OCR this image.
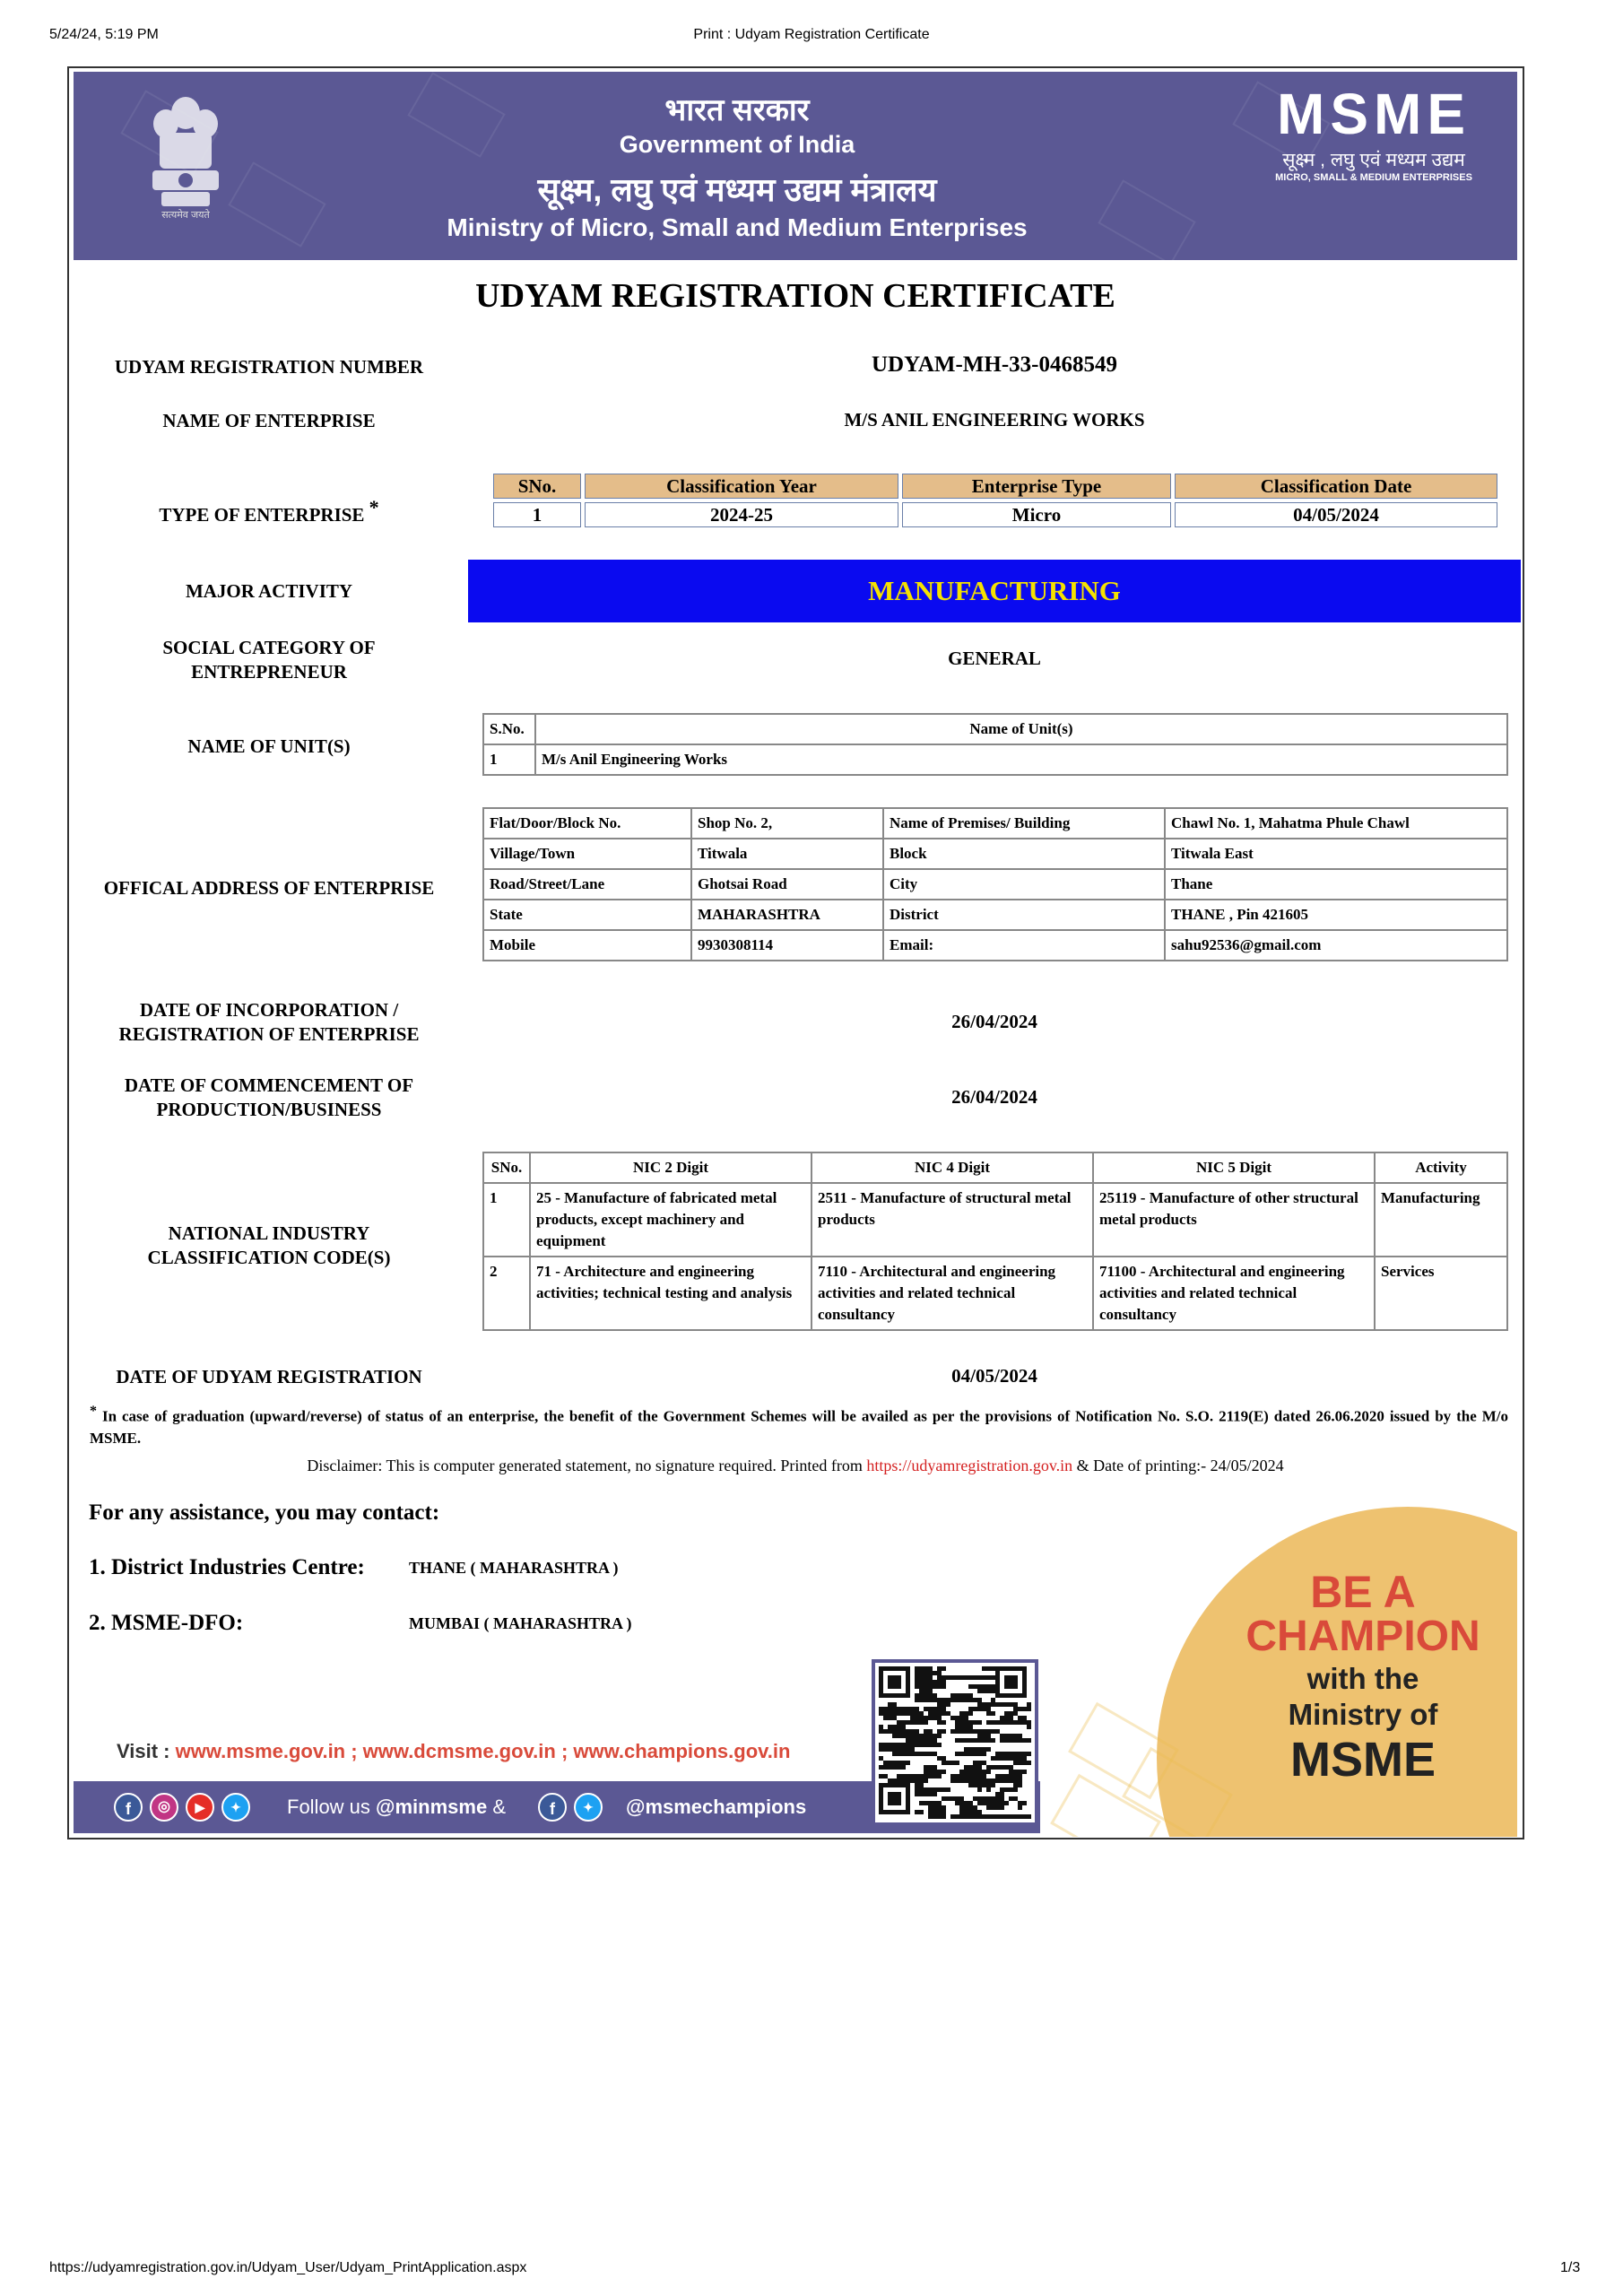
5/24/24, 5:19 PM	Print : Udyam Registration Certificate
सत्यमेव जयते
भारत सरकार
Government of India
सूक्ष्म, लघु एवं मध्यम उद्यम मंत्रालय
Ministry of Micro, Small and Medium Enterprises
MSME
सूक्ष्म , लघु एवं मध्यम उद्यम
MICRO, SMALL & MEDIUM ENTERPRISES
UDYAM REGISTRATION CERTIFICATE
UDYAM REGISTRATION NUMBER	UDYAM-MH-33-0468549
NAME OF ENTERPRISE	M/S ANIL ENGINEERING WORKS
TYPE OF ENTERPRISE *
SNo.	Classification Year	Enterprise Type	Classification Date
1	2024-25	Micro	04/05/2024
MAJOR ACTIVITY	MANUFACTURING
SOCIAL CATEGORY OF
ENTREPRENEUR
GENERAL
NAME OF UNIT(S)
S.No.	Name of Unit(s)
1	M/s Anil Engineering Works
OFFICAL ADDRESS OF ENTERPRISE
Flat/Door/Block No.	Shop No. 2,	Name of Premises/ Building	Chawl No. 1, Mahatma Phule Chawl
Village/Town	Titwala	Block	Titwala East
Road/Street/Lane	Ghotsai Road	City	Thane
State	MAHARASHTRA	District	THANE , Pin 421605
Mobile	9930308114	Email:	sahu92536@gmail.com
DATE OF INCORPORATION /
REGISTRATION OF ENTERPRISE
26/04/2024
DATE OF COMMENCEMENT OF
PRODUCTION/BUSINESS
26/04/2024
NATIONAL INDUSTRY
CLASSIFICATION CODE(S)
SNo.	NIC 2 Digit	NIC 4 Digit	NIC 5 Digit	Activity
1	25 - Manufacture of fabricated metal products, except machinery and equipment	2511 - Manufacture of structural metal products	25119 - Manufacture of other structural metal products	Manufacturing
2	71 - Architecture and engineering activities; technical testing and analysis	7110 - Architectural and engineering activities and related technical consultancy	71100 - Architectural and engineering activities and related technical consultancy	Services
DATE OF UDYAM REGISTRATION	04/05/2024
* In case of graduation (upward/reverse) of status of an enterprise, the benefit of the Government Schemes will be availed as per the provisions of Notification No. S.O. 2119(E) dated 26.06.2020 issued by the M/o MSME.
Disclaimer: This is computer generated statement, no signature required. Printed from https://udyamregistration.gov.in & Date of printing:- 24/05/2024
For any assistance, you may contact:
1. District Industries Centre:	THANE ( MAHARASHTRA )
2. MSME-DFO:	MUMBAI ( MAHARASHTRA )
BE A
CHAMPION
with the
Ministry of
MSME
Visit : www.msme.gov.in ; www.dcmsme.gov.in ; www.champions.gov.in
f	◎	▶	✦	Follow us @minmsme &	f	✦	@msmechampions
https://udyamregistration.gov.in/Udyam_User/Udyam_PrintApplication.aspx	1/3
